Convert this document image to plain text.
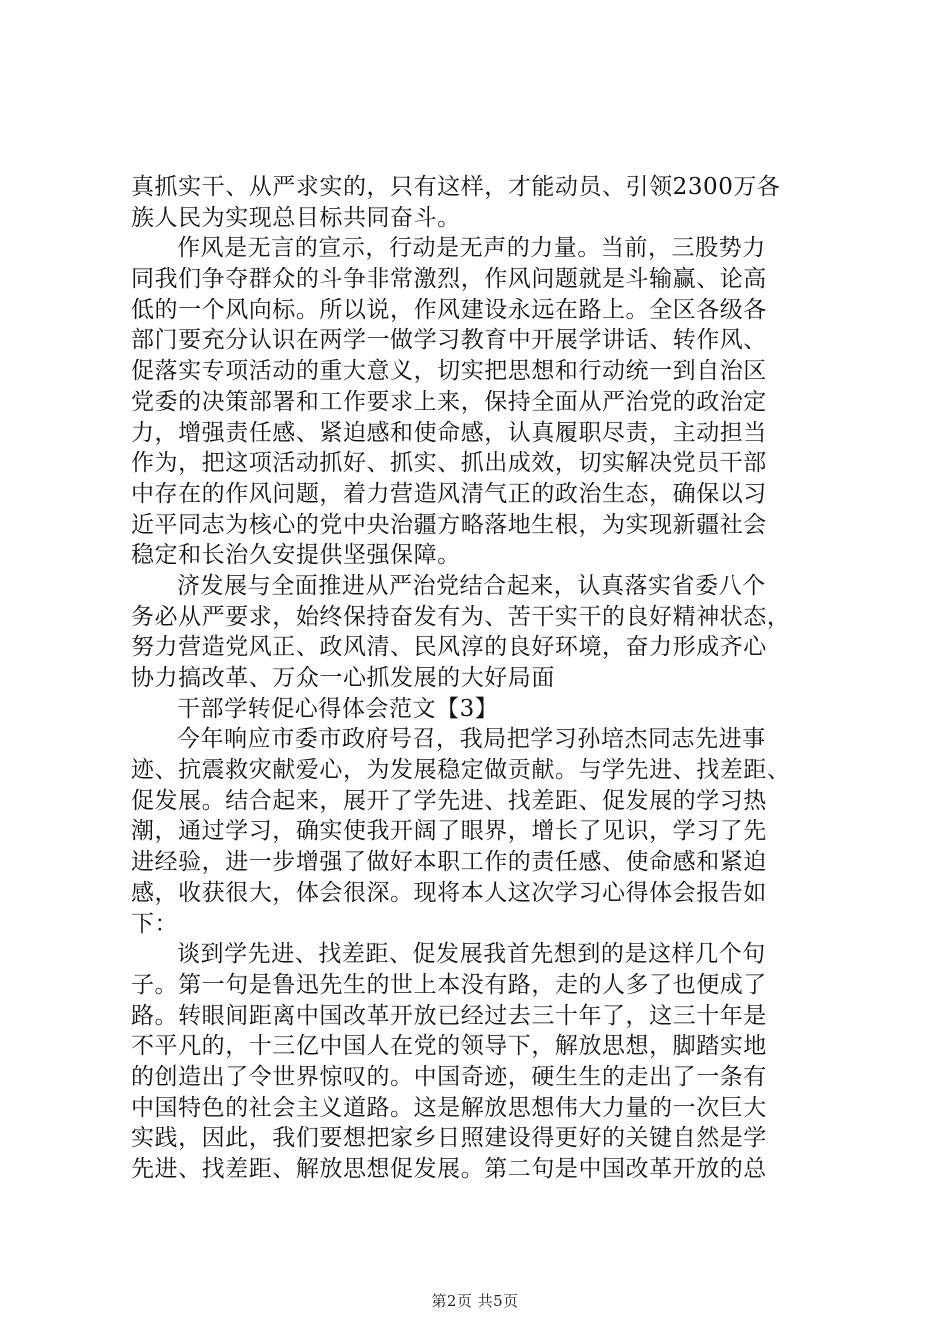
真抓实干、从严求实的，只有这样，才能动员、引领2300万各
族人民为实现总目标共同奋斗。
作风是无言的宣示，行动是无声的力量。当前，三股势力
同我们争夺群众的斗争非常激烈，作风问题就是斗输赢、论高
低的一个风向标。所以说，作风建设永远在路上。全区各级各
部门要充分认识在两学一做学习教育中开展学讲话、转作风、
促落实专项活动的重大意义，切实把思想和行动统一到自治区
党委的决策部署和工作要求上来，保持全面从严治党的政治定
力，增强责任感、紧迫感和使命感，认真履职尽责，主动担当
作为，把这项活动抓好、抓实、抓出成效，切实解决党员干部
中存在的作风问题，着力营造风清气正的政治生态，确保以习
近平同志为核心的党中央治疆方略落地生根，为实现新疆社会
稳定和长治久安提供坚强保障。
济发展与全面推进从严治党结合起来，认真落实省委八个
务必从严要求，始终保持奋发有为、苦干实干的良好精神状态，
努力营造党风正、政风清、民风淳的良好环境，奋力形成齐心
协力搞改革、万众一心抓发展的大好局面
干部学转促心得体会范文【3】
今年响应市委市政府号召，我局把学习孙培杰同志先进事
迹、抗震救灾献爱心，为发展稳定做贡献。与学先进、找差距、
促发展。结合起来，展开了学先进、找差距、促发展的学习热
潮，通过学习，确实使我开阔了眼界，增长了见识，学习了先
进经验，进一步增强了做好本职工作的责任感、使命感和紧迫
感，收获很大，体会很深。现将本人这次学习心得体会报告如
下：
谈到学先进、找差距、促发展我首先想到的是这样几个句
子。第一句是鲁迅先生的世上本没有路，走的人多了也便成了
路。转眼间距离中国改革开放已经过去三十年了，这三十年是
不平凡的，十三亿中国人在党的领导下，解放思想，脚踏实地
的创造出了令世界惊叹的。中国奇迹，硬生生的走出了一条有
中国特色的社会主义道路。这是解放思想伟大力量的一次巨大
实践，因此，我们要想把家乡日照建设得更好的关键自然是学
先进、找差距、解放思想促发展。第二句是中国改革开放的总
第2页 共5页
